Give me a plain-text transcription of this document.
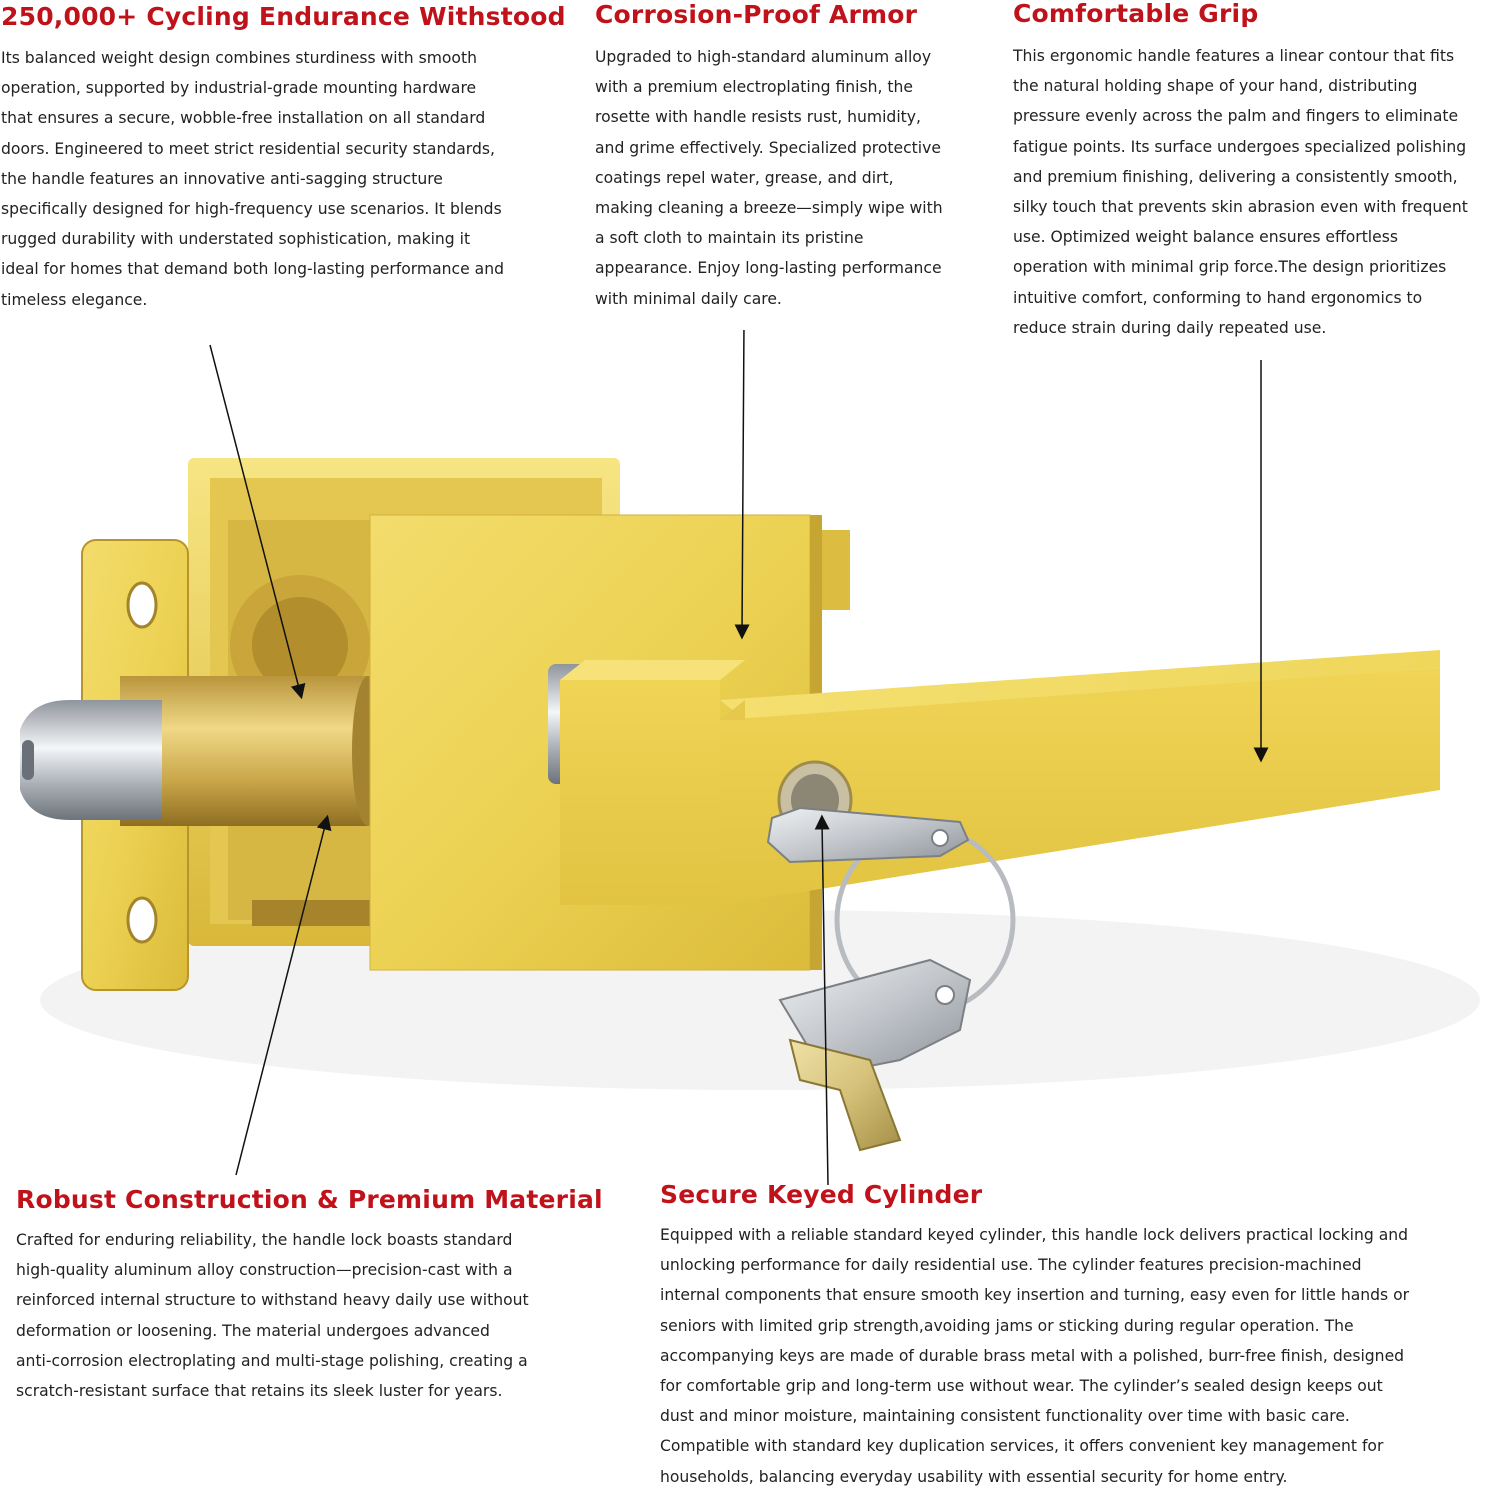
250,000+ Cycling Endurance Withstood

Its balanced weight design combines sturdiness with smooth
operation, supported by industrial-grade mounting hardware
that ensures a secure, wobble-free installation on all standard
doors. Engineered to meet strict residential security standards,
the handle features an innovative anti-sagging structure
specifically designed for high-frequency use scenarios. It blends
rugged durability with understated sophistication, making it
ideal for homes that demand both long-lasting performance and
timeless elegance.

Corrosion-Proof Armor

Upgraded to high-standard aluminum alloy
with a premium electroplating finish, the
rosette with handle resists rust, humidity,
and grime effectively. Specialized protective
coatings repel water, grease, and dirt,
making cleaning a breeze—simply wipe with
a soft cloth to maintain its pristine
appearance. Enjoy long-lasting performance
with minimal daily care.

Comfortable Grip

This ergonomic handle features a linear contour that fits
the natural holding shape of your hand, distributing
pressure evenly across the palm and fingers to eliminate
fatigue points. Its surface undergoes specialized polishing
and premium finishing, delivering a consistently smooth,
silky touch that prevents skin abrasion even with frequent
use. Optimized weight balance ensures effortless
operation with minimal grip force.The design prioritizes
intuitive comfort, conforming to hand ergonomics to
reduce strain during daily repeated use.

Robust Construction & Premium Material

Crafted for enduring reliability, the handle lock boasts standard
high-quality aluminum alloy construction—precision-cast with a
reinforced internal structure to withstand heavy daily use without
deformation or loosening. The material undergoes advanced
anti-corrosion electroplating and multi-stage polishing, creating a
scratch-resistant surface that retains its sleek luster for years.

Secure Keyed Cylinder

Equipped with a reliable standard keyed cylinder, this handle lock delivers practical locking and
unlocking performance for daily residential use. The cylinder features precision-machined
internal components that ensure smooth key insertion and turning, easy even for little hands or
seniors with limited grip strength,avoiding jams or sticking during regular operation. The
accompanying keys are made of durable brass metal with a polished, burr-free finish, designed
for comfortable grip and long-term use without wear. The cylinder’s sealed design keeps out
dust and minor moisture, maintaining consistent functionality over time with basic care.
Compatible with standard key duplication services, it offers convenient key management for
households, balancing everyday usability with essential security for home entry.
